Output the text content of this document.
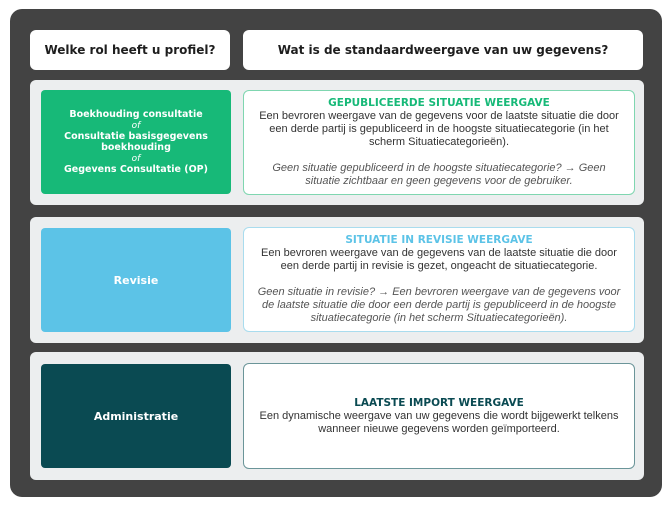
Welke rol heeft u profiel?	Wat is de standaardweergave van uw gegevens?
Boekhouding consultatie
of
Consultatie basisgegevens boekhouding
of
Gegevens Consultatie (OP)
GEPUBLICEERDE SITUATIE WEERGAVE
Een bevroren weergave van de gegevens voor de laatste situatie die door een derde partij is gepubliceerd in de hoogste situatiecategorie (in het scherm Situatiecategorieën).
Geen situatie gepubliceerd in de hoogste situatiecategorie? → Geen situatie zichtbaar en geen gegevens voor de gebruiker.
Revisie
SITUATIE IN REVISIE WEERGAVE
Een bevroren weergave van de gegevens van de laatste situatie die door een derde partij in revisie is gezet, ongeacht de situatiecategorie.
Geen situatie in revisie? → Een bevroren weergave van de gegevens voor de laatste situatie die door een derde partij is gepubliceerd in de hoogste situatiecategorie (in het scherm Situatiecategorieën).
Administratie
LAATSTE IMPORT WEERGAVE
Een dynamische weergave van uw gegevens die wordt bijgewerkt telkens wanneer nieuwe gegevens worden geïmporteerd.
